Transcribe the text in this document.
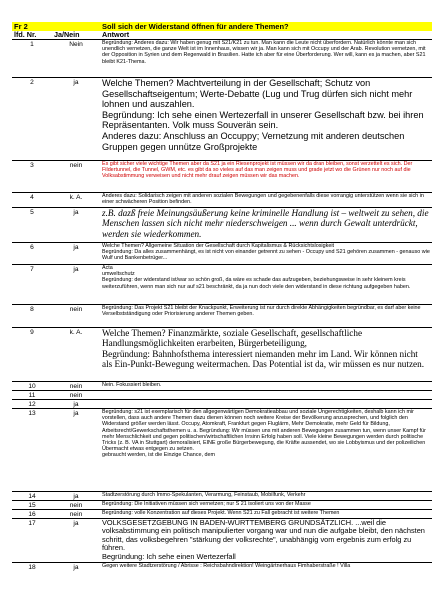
Fr 2	Soll sich der Widerstand öffnen für andere Themen?
lfd. Nr.	Ja/Nein	Antwort
1	Nein	Begründung: Anderes dazu: Wir haben genug mit S21/K21 zu tun. Man kann die Leute nicht überfordern. Natürlich könnte man sich unendlich vernetzen, die ganze Welt ist im Innenhaus, wissen wir ja. Man kann sich mit Occupy und der Arab. Revolution vernetzen, mit der Opposition in Syrien und dem Regenwald in Brasilien. Hatte ich aber für eine Überforderung. Wer will, kann es ja machen, aber S21 bleibt K21-Thema.

2	ja	Welche Themen? Machtverteilung in der Gesellschaft; Schutz von Gesellschaftseigentum; Werte-Debatte (Lug und Trug dürfen sich nicht mehr lohnen und auszahlen.

Begründung: Ich sehe einen Wertezerfall in unserer Gesellschaft bzw. bei ihren Repräsentanten. Volk muss Souverän sein.

Anderes dazu: Anschluss an Occuppy; Vernetzung mit anderen deutschen Gruppen gegen unnütze Großprojekte

3	nein	Es gibt sicher viele wichtige Themen aber da S21 ja ein Riesenprojekt ist müssen wir da dran bleiben, sonst verzettelt es sich. Der Fildertunnel, die Tunnel, GWM, etc. es gibt da so vieles auf das man zeigen muss und grade jetzt wo die Grünen nur noch auf die Volksabstimmung verweisen und nicht mehr drauf zeigen müssen wir das machen.

4	k. A.	Anderes dazu: Solidarisch zeigen mit anderen sozialen Bewegungen und gegebenenfalls diese vorrangig unterstützen wenn sie sich in einer schwächeren Position befinden.

5	ja	z.B. dazß freie Meinungsäußerung keine kriminelle Handlung ist – weltweit zu sehen, die Menschen lassen sich nicht mehr niederschweigen ... wenn durch Gewalt unterdrückt, werden sie wiederkommen.

6	ja	Welche Themen? Allgemeine Situation der Gesellschaft durch Kapitalismus & Rücksichtslosigkeit

Begründung: Da alles zusammenhängt, es ist nicht von einander getrennt zu sehen - Occupy und S21 gehören zusammen - genauso wie Wulf und Bankenbetrüger...

7	ja	Acta

umweltschutz

Begründung: der widerstand ist/war so schön groß, da wäre es schade das aufzugeben, beziehungsweise in sehr kleinem kreis weiterzuführen, wenn man sich nur auf s21 beschränkt, da ja nun doch viele den widerstand in diese richtung aufgegeben haben.

8	nein	Begründung: Das Projekt S21 bleibt der Knackpunkt, Erweiterung ist nur durch direkte Abhängigkeiten begründbar, es darf aber keine Verselbstständigung oder Priorisierung anderer Themen geben.

9	k. A.	Welche Themen? Finanzmärkte, soziale Gesellschaft, gesellschaftliche Handlungsmöglichkeiten erarbeiten, Bürgerbeteiligung,

Begründung: Bahnhofsthema interessiert niemanden mehr im Land. Wir können nicht als Ein-Punkt-Bewegung weitermachen. Das Potential ist da, wir müssen es nur nutzen.

10	nein	Nein. Fokussiert bleiben.

11	nein
12	ja
13	ja	Begründung: s21 ist exemplarisch für den allgegenwärtigen Demokratieabbau und soziale Ungerechtigkeiten, deshalb kann ich mir vorstellen, dass auch andere Themen dazu dienen können noch weitere Kreise der Bevölkerung anzusprechen, und folglich den Widerstand größer werden lässt. Occupy, Atomkraft, Frankfurt gegen Fluglärm, Mehr Demokratie, mehr Geld für Bildung, Arbeitsrecht/Gewerkschaftsthemen u. a. Begründung: Wir müssen uns mit anderen Bewegungen zusammen tun, wenn unser Kampf für mehr Menschlichkeit und gegen politischen/wirtschaftlichen Irrsinn Erfolg haben soll. Viele kleine Bewegungen werden durch politische Tricks (z. B. VA in Stuttgart) demoralisiert, EINE große Bürgerbewegung, die Kräfte aussendet, wo sie Lobbyismus und der polizeilichen Übermacht etwas entgegen zu setzen.

gebraucht werden, ist die Einzige Chance, dem

14	ja	Stadtzerstörung durch Immo-Spekulanten, Verarmung, Feinstaub, Mobilfunk, Verkehr

15	nein	Begründung: Die Initiativen müssen sich vernetzen; nur S 21 isoliert uns von der Masse

16	nein	Begründung: volle Konzentration auf dieses Projekt. Wenn S21 zu Fall gebracht ist weitere Themen

17	ja	VOLKSGESETZGEBUNG IN BADEN-WÜRTTEMBERG GRUNDSÄTZLICH. ...weil die volksabstimmung ein politisch manipulierter vorgang war und nun die aufgabe bleibt, den nächsten schritt, das volksbegehren "stärkung der volksrechte", unabhängig vom ergebnis zum erfolg zu führen.

Begründung: Ich sehe einen Wertezerfall

18	ja	Gegen weitere Stadtzerstörung / Abrisse : Reichsbahndirektion! Weingärtnerhaus Fimhaberstraße ! Villa
